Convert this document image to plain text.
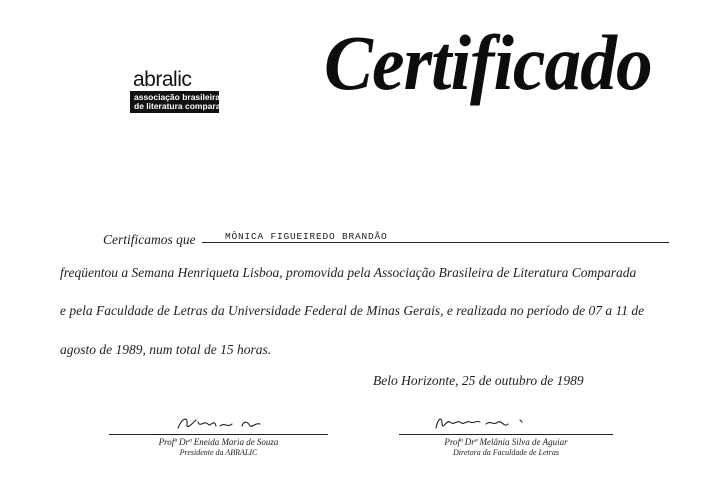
abralic
associação brasileira
de literatura comparada Certificado
Certificamos que	MÔNICA FIGUEIREDO BRANDÃO
freqüentou a Semana Henriqueta Lisboa, promovida pela Associação Brasileira de Literatura Comparada
e pela Faculdade de Letras da Universidade Federal de Minas Gerais, e realizada no período de 07 a 11 de
agosto de 1989, num total de 15 horas.
Belo Horizonte, 25 de outubro de 1989
Profª Drª Eneida Maria de Souza
Presidente da ABRALIC
Profª Drª Melânia Silva de Aguiar
Diretora da Faculdade de Letras
